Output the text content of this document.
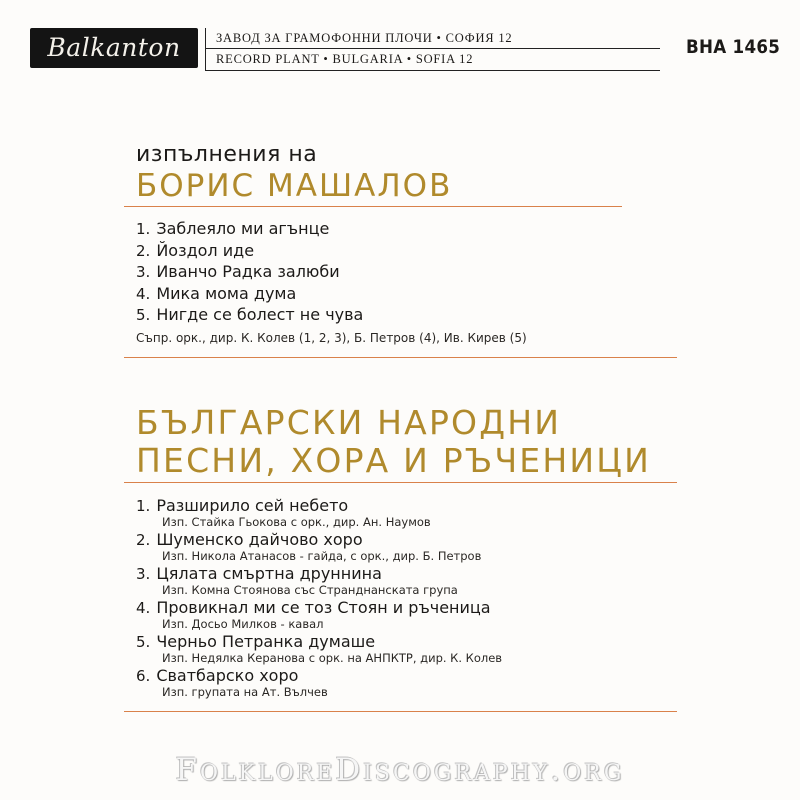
Balkanton	ЗАВОД ЗА ГРАМОФОННИ ПЛОЧИ • СОФИЯ 12
RECORD PLANT • BULGARIA • SOFIA 12
BHA 1465
изпълнения на
БОРИС МАШАЛОВ
1. Заблеяло ми агънце
2. Йоздол иде
3. Иванчо Радка залюби
4. Мика мома дума
5. Нигде се болест не чува
Съпр. орк., дир. К. Колев (1, 2, 3), Б. Петров (4), Ив. Кирев (5)
БЪЛГАРСКИ НАРОДНИ
ПЕСНИ, ХОРА И РЪЧЕНИЦИ
1. Разширило сей небето
Изп. Стайка Гьокова с орк., дир. Ан. Наумов
2. Шуменско дайчово хоро
Изп. Никола Атанасов - гайда, с орк., дир. Б. Петров
3. Цялата смъртна друннина
Изп. Комна Стоянова със Странднанската група
4. Провикнал ми се тоз Стоян и ръченица
Изп. Досьо Милков - кавал
5. Черньо Петранка думаше
Изп. Недялка Керанова с орк. на АНПКТР, дир. К. Колев
6. Сватбарско хоро
Изп. групата на Ат. Вълчев
FolkloreDiscography.org
